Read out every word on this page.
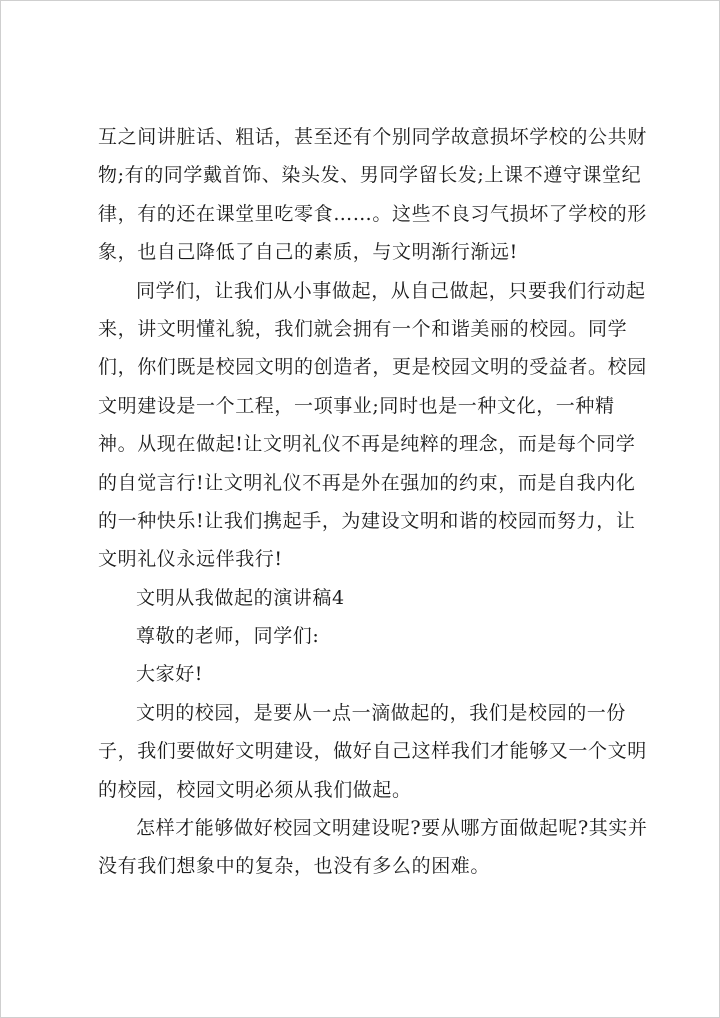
互之间讲脏话、粗话，甚至还有个别同学故意损坏学校的公共财
物;有的同学戴首饰、染头发、男同学留长发;上课不遵守课堂纪
律，有的还在课堂里吃零食……。这些不良习气损坏了学校的形
象，也自己降低了自己的素质，与文明渐行渐远!
同学们，让我们从小事做起，从自己做起，只要我们行动起
来，讲文明懂礼貌，我们就会拥有一个和谐美丽的校园。同学
们，你们既是校园文明的创造者，更是校园文明的受益者。校园
文明建设是一个工程，一项事业;同时也是一种文化，一种精
神。从现在做起!让文明礼仪不再是纯粹的理念，而是每个同学
的自觉言行!让文明礼仪不再是外在强加的约束，而是自我内化
的一种快乐!让我们携起手，为建设文明和谐的校园而努力，让
文明礼仪永远伴我行!
文明从我做起的演讲稿4
尊敬的老师，同学们:
大家好!
文明的校园，是要从一点一滴做起的，我们是校园的一份
子，我们要做好文明建设，做好自己这样我们才能够又一个文明
的校园，校园文明必须从我们做起。
怎样才能够做好校园文明建设呢?要从哪方面做起呢?其实并
没有我们想象中的复杂，也没有多么的困难。
